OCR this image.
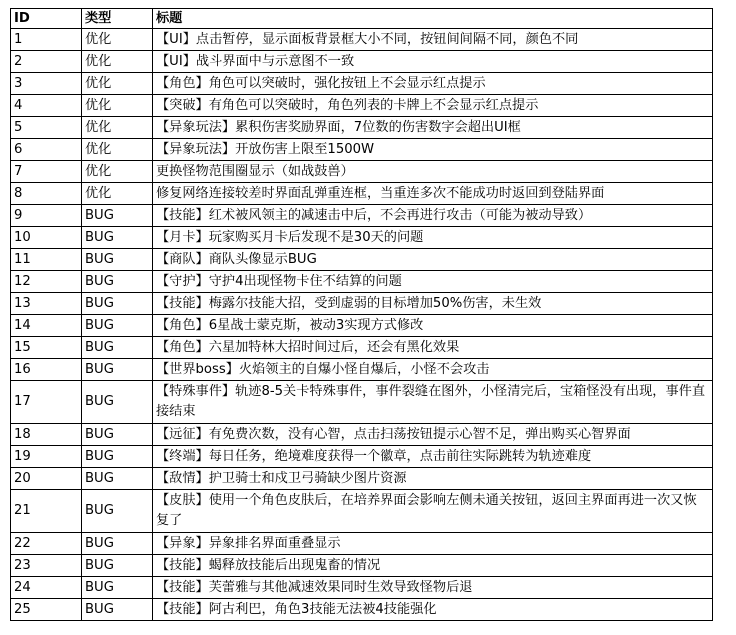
ID	类型	标题
1	优化	【UI】点击暂停，显示面板背景框大小不同，按钮间间隔不同，颜色不同
2	优化	【UI】战斗界面中与示意图不一致
3	优化	【角色】角色可以突破时，强化按钮上不会显示红点提示
4	优化	【突破】有角色可以突破时，角色列表的卡牌上不会显示红点提示
5	优化	【异象玩法】累积伤害奖励界面，7位数的伤害数字会超出UI框
6	优化	【异象玩法】开放伤害上限至1500W
7	优化	更换怪物范围圈显示（如战鼓兽）
8	优化	修复网络连接较差时界面乱弹重连框，当重连多次不能成功时返回到登陆界面
9	BUG	【技能】红术被风领主的减速击中后，不会再进行攻击（可能为被动导致）
10	BUG	【月卡】玩家购买月卡后发现不是30天的问题
11	BUG	【商队】商队头像显示BUG
12	BUG	【守护】守护4出现怪物卡住不结算的问题
13	BUG	【技能】梅露尔技能大招，受到虚弱的目标增加50%伤害，未生效
14	BUG	【角色】6星战士蒙克斯，被动3实现方式修改
15	BUG	【角色】六星加特林大招时间过后，还会有黑化效果
16	BUG	【世界boss】火焰领主的自爆小怪自爆后，小怪不会攻击
17	BUG	【特殊事件】轨迹8-5关卡特殊事件，事件裂缝在图外，小怪清完后，宝箱怪没有出现，事件直接结束
18	BUG	【远征】有免费次数，没有心智，点击扫荡按钮提示心智不足，弹出购买心智界面
19	BUG	【终端】每日任务，绝境难度获得一个徽章，点击前往实际跳转为轨迹难度
20	BUG	【敌情】护卫骑士和戍卫弓骑缺少图片资源
21	BUG	【皮肤】使用一个角色皮肤后，在培养界面会影响左侧未通关按钮，返回主界面再进一次又恢复了
22	BUG	【异象】异象排名界面重叠显示
23	BUG	【技能】蝎释放技能后出现鬼畜的情况
24	BUG	【技能】芙蕾雅与其他减速效果同时生效导致怪物后退
25	BUG	【技能】阿古利巴，角色3技能无法被4技能强化
